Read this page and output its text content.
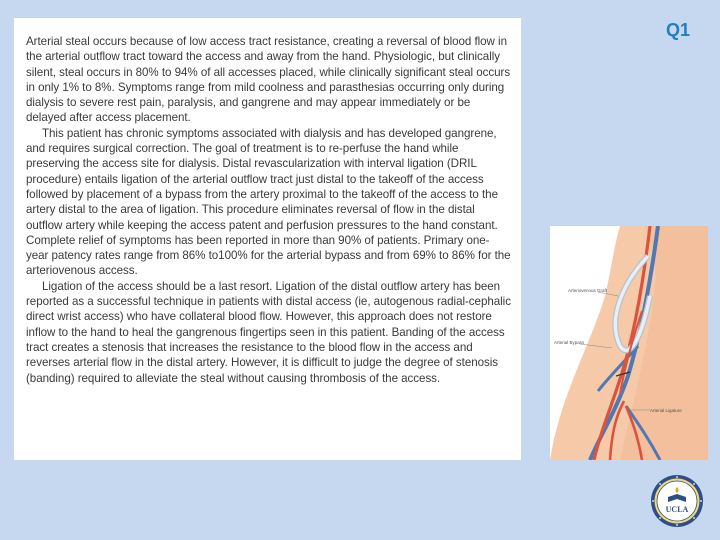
Q1

Arterial steal occurs because of low access tract resistance, creating a reversal of blood flow in the arterial outflow tract toward the access and away from the hand. Physiologic, but clinically silent, steal occurs in 80% to 94% of all accesses placed, while clinically significant steal occurs in only 1% to 8%. Symptoms range from mild coolness and parasthesias occurring only during dialysis to severe rest pain, paralysis, and gangrene and may appear immediately or be delayed after access placement.

This patient has chronic symptoms associated with dialysis and has developed gangrene, and requires surgical correction. The goal of treatment is to re-perfuse the hand while preserving the access site for dialysis. Distal revascularization with interval ligation (DRIL procedure) entails ligation of the arterial outflow tract just distal to the takeoff of the access followed by placement of a bypass from the artery proximal to the takeoff of the access to the artery distal to the area of ligation. This procedure eliminates reversal of flow in the distal outflow artery while keeping the access patent and perfusion pressures to the hand constant. Complete relief of symptoms has been reported in more than 90% of patients. Primary one-year patency rates range from 86% to100% for the arterial bypass and from 69% to 86% for the arteriovenous access.

Ligation of the access should be a last resort. Ligation of the distal outflow artery has been reported as a successful technique in patients with distal access (ie, autogenous radial-cephalic direct wrist access) who have collateral blood flow. However, this approach does not restore inflow to the hand to heal the gangrenous fingertips seen in this patient. Banding of the access tract creates a stenosis that increases the resistance to the blood flow in the access and reverses arterial flow in the distal artery. However, it is difficult to judge the degree of stenosis (banding) required to alleviate the steal without causing thrombosis of the access.

Arteriovenous Graft
Arterial Bypass
Arterial Ligature
UCLA
